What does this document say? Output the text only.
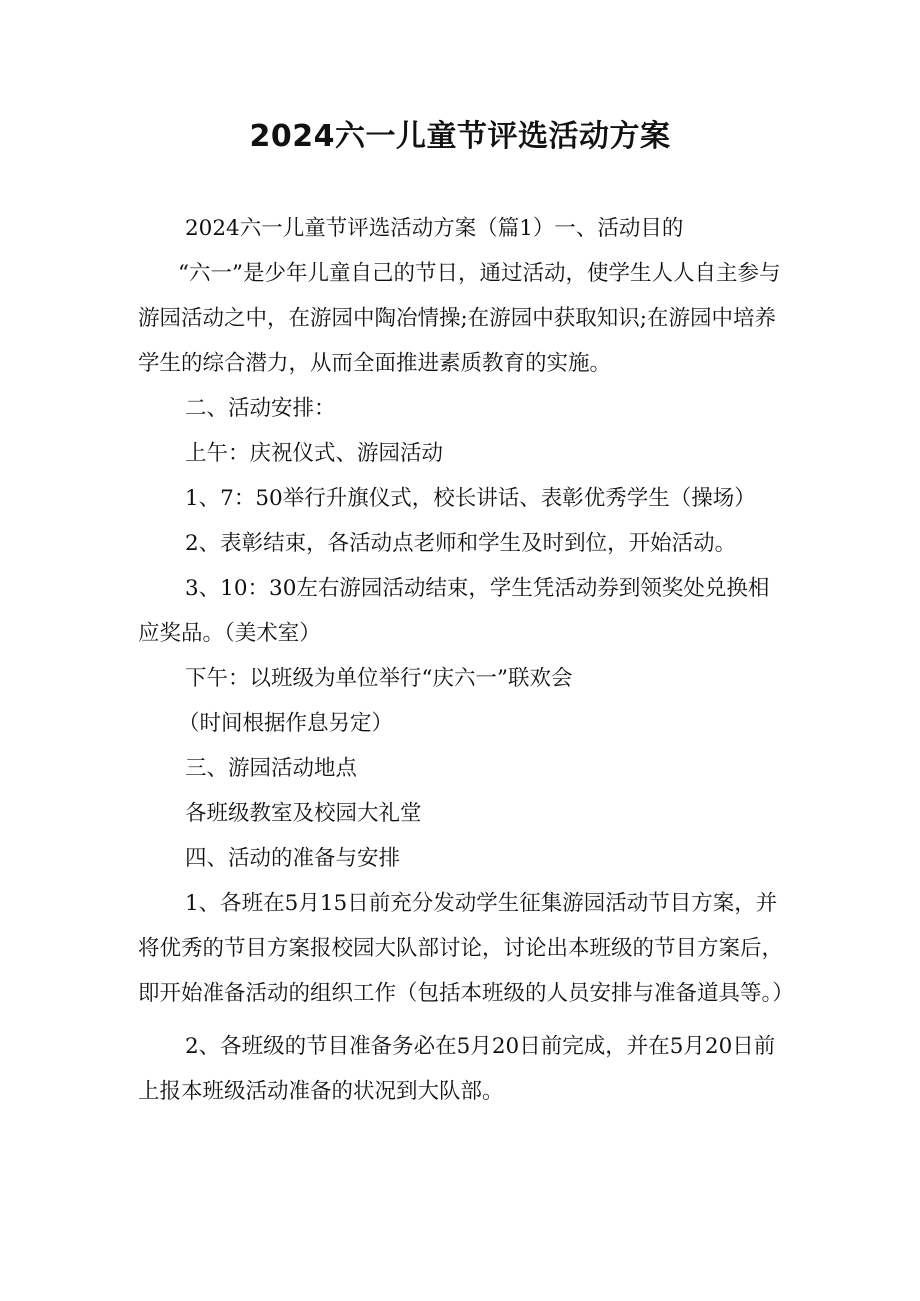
2024六一儿童节评选活动方案

2024六一儿童节评选活动方案（篇1）一、活动目的

“六一”是少年儿童自己的节日，通过活动，使学生人人自主参与游园活动之中，在游园中陶冶情操;在游园中获取知识;在游园中培养学生的综合潜力，从而全面推进素质教育的实施。

二、活动安排：

上午：庆祝仪式、游园活动

1、7：50举行升旗仪式，校长讲话、表彰优秀学生（操场）

2、表彰结束，各活动点老师和学生及时到位，开始活动。

3、10：30左右游园活动结束，学生凭活动券到领奖处兑换相应奖品。（美术室）

下午：以班级为单位举行“庆六一”联欢会

（时间根据作息另定）

三、游园活动地点

各班级教室及校园大礼堂

四、活动的准备与安排

1、各班在5月15日前充分发动学生征集游园活动节目方案，并将优秀的节目方案报校园大队部讨论，讨论出本班级的节目方案后，即开始准备活动的组织工作（包括本班级的人员安排与准备道具等。）

2、各班级的节目准备务必在5月20日前完成，并在5月20日前上报本班级活动准备的状况到大队部。
